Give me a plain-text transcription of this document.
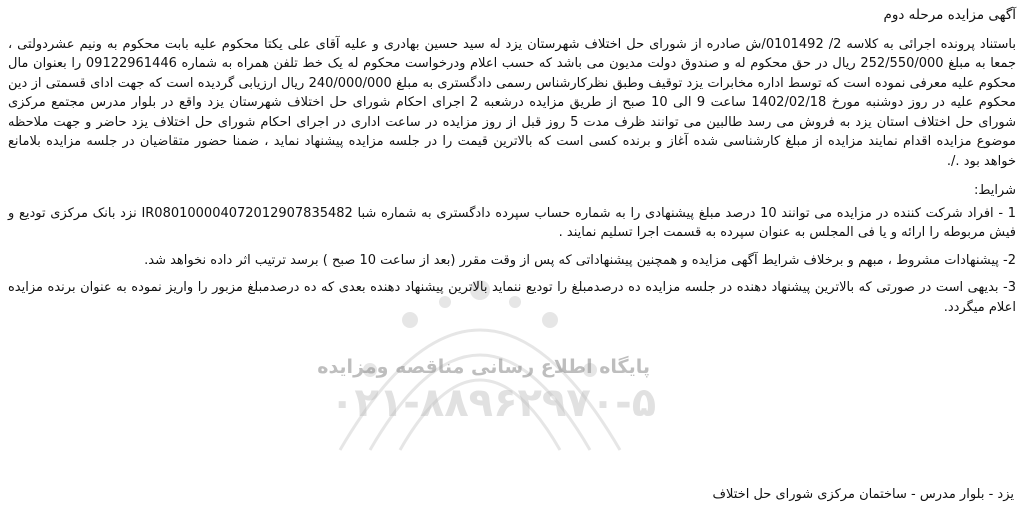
پایگاه اطلاع رسانی مناقصه ومزایده
۰۲۱-۸۸۹۶۲۹۷۰-۵
آگهی مزایده مرحله دوم

باستناد پرونده اجرائی به کلاسه 2/ 0101492/ش صادره از شورای حل اختلاف شهرستان یزد له سید حسین بهادری و علیه آقای علی یکتا محکوم علیه بابت محکوم به ونیم عشردولتی ، جمعا به مبلغ 252/550/000 ریال در حق محکوم له و صندوق دولت مدیون می باشد که حسب اعلام ودرخواست محکوم له یک خط تلفن همراه به شماره 09122961446 را بعنوان مال محکوم علیه معرفی نموده است که توسط اداره مخابرات یزد توقیف وطبق نظرکارشناس رسمی دادگستری به مبلغ 240/000/000 ریال ارزیابی گردیده است که جهت ادای قسمتی از دین محکوم علیه در روز دوشنبه مورخ 1402/02/18 ساعت 9 الی 10 صبح از طریق مزایده درشعبه 2 اجرای احکام شورای حل اختلاف شهرستان یزد واقع در بلوار مدرس مجتمع مرکزی شورای حل اختلاف استان یزد به فروش می رسد طالبین می توانند ظرف مدت 5 روز قبل از روز مزایده در ساعت اداری در اجرای احکام شورای حل اختلاف یزد حاضر و جهت ملاحظه موضوع مزایده اقدام نمایند مزایده از مبلغ کارشناسی شده آغاز و برنده کسی است که بالاترین قیمت را در جلسه مزایده پیشنهاد نماید ، ضمنا حضور متقاضیان در جلسه مزایده بلامانع خواهد بود ./.

شرایط:

1 - افراد شرکت کننده در مزایده می توانند 10 درصد مبلغ پیشنهادی را به شماره حساب سپرده دادگستری به شماره شبا IR080100004072012907835482 نزد بانک مرکزی تودیع و فیش مربوطه را ارائه و یا فی المجلس به عنوان سپرده به قسمت اجرا تسلیم نمایند .

2- پیشنهادات مشروط ، مبهم و برخلاف شرایط آگهی مزایده و همچنین پیشنهاداتی که پس از وقت مقرر (بعد از ساعت 10 صبح ) برسد ترتیب اثر داده نخواهد شد.

3- بدیهی است در صورتی که بالاترین پیشنهاد دهنده در جلسه مزایده ده درصدمبلغ را تودیع ننماید بالاترین پیشنهاد دهنده بعدی که ده درصدمبلغ مزبور را واریز نموده به عنوان برنده مزایده اعلام میگردد.

یزد - بلوار مدرس - ساختمان مرکزی شورای حل اختلاف
